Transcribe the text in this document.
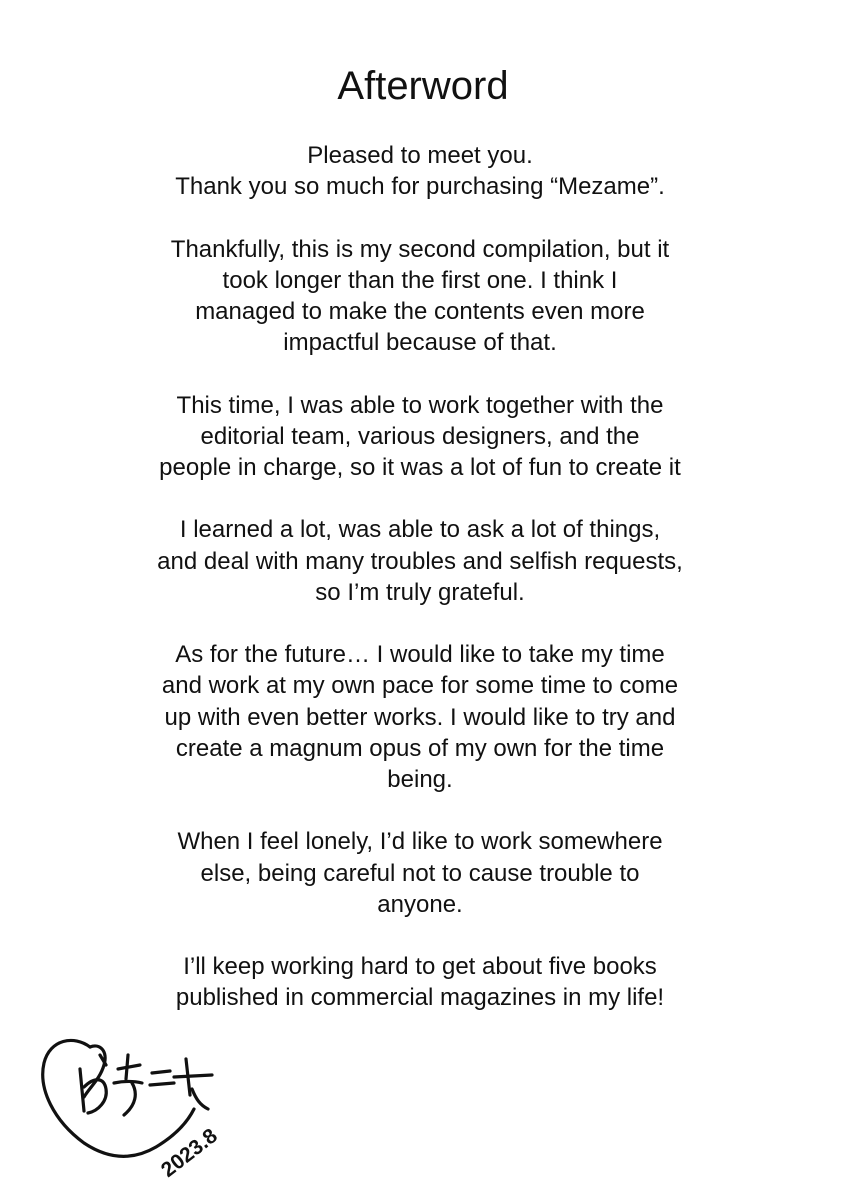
Afterword

Pleased to meet you.
Thank you so much for purchasing “Mezame”.

Thankfully, this is my second compilation, but it
took longer than the first one. I think I
managed to make the contents even more
impactful because of that.

This time, I was able to work together with the
editorial team, various designers, and the
people in charge, so it was a lot of fun to create it

I learned a lot, was able to ask a lot of things,
and deal with many troubles and selfish requests,
so I’m truly grateful.

As for the future… I would like to take my time
and work at my own pace for some time to come
up with even better works. I would like to try and
create a magnum opus of my own for the time
being.

When I feel lonely, I’d like to work somewhere
else, being careful not to cause trouble to
anyone.

I’ll keep working hard to get about five books
published in commercial magazines in my life!

2023.8
